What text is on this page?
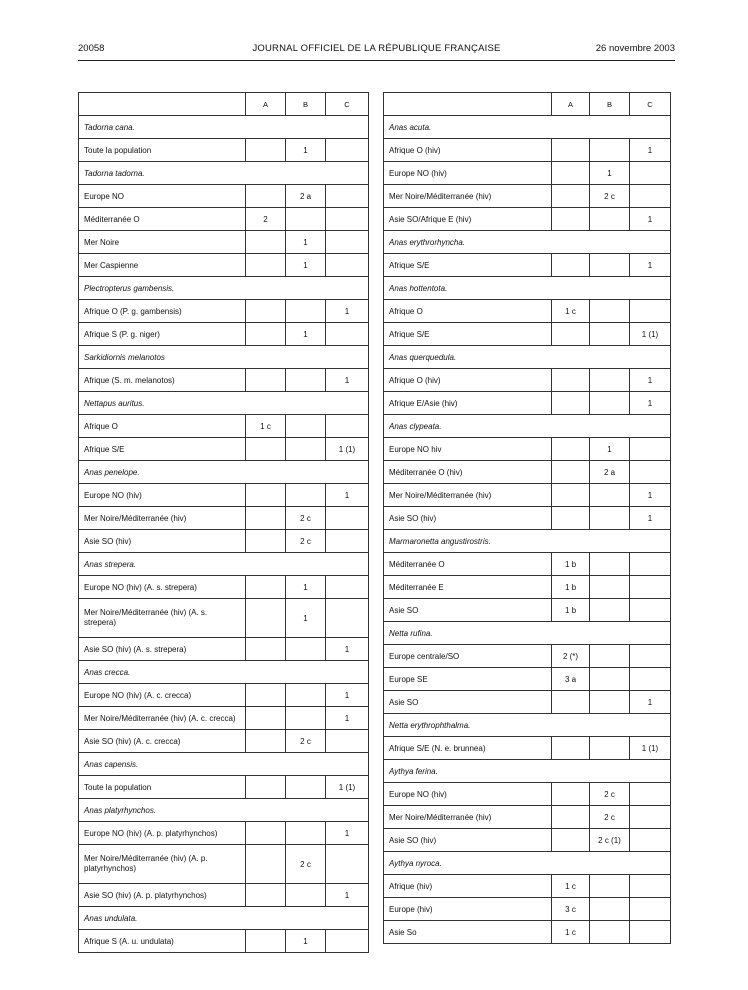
20058	JOURNAL OFFICIEL DE LA RÉPUBLIQUE FRANÇAISE	26 novembre 2003
	A	B	C
Tadorna cana.			
Toute la population		1	
Tadorna tadorna.			
Europe NO		2 a	
Méditerranée O	2		
Mer Noire		1	
Mer Caspienne		1	
Plectropterus gambensis.			
Afrique O (P. g. gambensis)			1
Afrique S (P. g. niger)		1	
Sarkidiornis melanotos			
Afrique (S. m. melanotos)			1
Nettapus auritus.			
Afrique O	1 c		
Afrique S/E			1 (1)
Anas penelope.			
Europe NO (hiv)			1
Mer Noire/Méditerranée (hiv)		2 c	
Asie SO (hiv)		2 c	
Anas strepera.			
Europe NO (hiv) (A. s. strepera)		1	
Mer Noire/Méditerranée (hiv) (A. s. strepera)		1	
Asie SO (hiv) (A. s. strepera)			1
Anas crecca.			
Europe NO (hiv) (A. c. crecca)			1
Mer Noire/Méditerranée (hiv) (A. c. crecca)			1
Asie SO (hiv) (A. c. crecca)		2 c	
Anas capensis.			
Toute la population			1 (1)
Anas platyrhynchos.			
Europe NO (hiv) (A. p. platyrhynchos)			1
Mer Noire/Méditerranée (hiv) (A. p. platyrhynchos)		2 c	
Asie SO (hiv) (A. p. platyrhynchos)			1
Anas undulata.			
Afrique S (A. u. undulata)		1	
	A	B	C
Anas acuta.			
Afrique O (hiv)			1
Europe NO (hiv)		1	
Mer Noire/Méditerranée (hiv)		2 c	
Asie SO/Afrique E (hiv)			1
Anas erythrorhyncha.			
Afrique S/E			1
Anas hottentota.			
Afrique O	1 c		
Afrique S/E			1 (1)
Anas querquedula.			
Afrique O (hiv)			1
Afrique E/Asie (hiv)			1
Anas clypeata.			
Europe NO hiv		1	
Méditerranée O (hiv)		2 a	
Mer Noire/Méditerranée (hiv)			1
Asie SO (hiv)			1
Marmaronetta angustirostris.			
Méditerranée O	1 b		
Méditerranée E	1 b		
Asie SO	1 b		
Netta rufina.			
Europe centrale/SO	2 (*)		
Europe SE	3 a		
Asie SO			1
Netta erythrophthalma.			
Afrique S/E (N. e. brunnea)			1 (1)
Aythya ferina.			
Europe NO (hiv)		2 c	
Mer Noire/Méditerranée (hiv)		2 c	
Asie SO (hiv)		2 c (1)	
Aythya nyroca.			
Afrique (hiv)	1 c		
Europe (hiv)	3 c		
Asie So	1 c		
